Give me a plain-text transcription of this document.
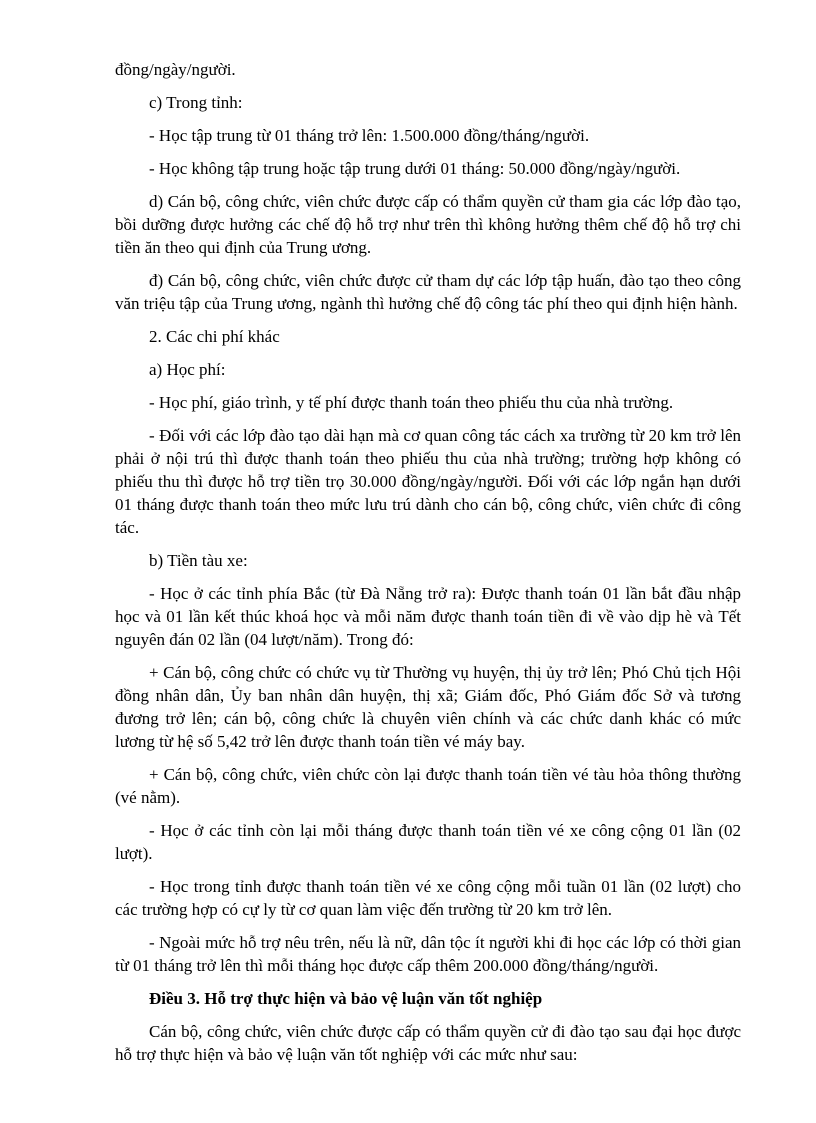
đồng/ngày/người.

c) Trong tỉnh:

- Học tập trung từ 01 tháng trở lên: 1.500.000 đồng/tháng/người.

- Học không tập trung hoặc tập trung dưới 01 tháng: 50.000 đồng/ngày/người.

d) Cán bộ, công chức, viên chức được cấp có thẩm quyền cử tham gia các lớp đào tạo, bồi dưỡng được hưởng các chế độ hỗ trợ như trên thì không hưởng thêm chế độ hỗ trợ chi tiền ăn theo qui định của Trung ương.

đ) Cán bộ, công chức, viên chức được cử tham dự các lớp tập huấn, đào tạo theo công văn triệu tập của Trung ương, ngành thì hưởng chế độ công tác phí theo qui định hiện hành.

2. Các chi phí khác

a) Học phí:

- Học phí, giáo trình, y tế phí được thanh toán theo phiếu thu của nhà trường.

- Đối với các lớp đào tạo dài hạn mà cơ quan công tác cách xa trường từ 20 km trở lên phải ở nội trú thì được thanh toán theo phiếu thu của nhà trường; trường hợp không có phiếu thu thì được hỗ trợ tiền trọ 30.000 đồng/ngày/người. Đối với các lớp ngắn hạn dưới 01 tháng được thanh toán theo mức lưu trú dành cho cán bộ, công chức, viên chức đi công tác.

b) Tiền tàu xe:

- Học ở các tỉnh phía Bắc (từ Đà Nẵng trở ra): Được thanh toán 01 lần bắt đầu nhập học và 01 lần kết thúc khoá học và mỗi năm được thanh toán tiền đi về vào dịp hè và Tết nguyên đán 02 lần (04 lượt/năm). Trong đó:

+ Cán bộ, công chức có chức vụ từ Thường vụ huyện, thị ủy trở lên; Phó Chủ tịch Hội đồng nhân dân, Ủy ban nhân dân huyện, thị xã; Giám đốc, Phó Giám đốc Sở và tương đương trở lên; cán bộ, công chức là chuyên viên chính và các chức danh khác có mức lương từ hệ số 5,42 trở lên được thanh toán tiền vé máy bay.

+ Cán bộ, công chức, viên chức còn lại được thanh toán tiền vé tàu hỏa thông thường (vé nằm).

- Học ở các tỉnh còn lại mỗi tháng được thanh toán tiền vé xe công cộng 01 lần (02 lượt).

- Học trong tỉnh được thanh toán tiền vé xe công cộng mỗi tuần 01 lần (02 lượt) cho các trường hợp có cự ly từ cơ quan làm việc đến trường từ 20 km trở lên.

- Ngoài mức hỗ trợ nêu trên, nếu là nữ, dân tộc ít người khi đi học các lớp có thời gian từ 01 tháng trở lên thì mỗi tháng học được cấp thêm 200.000 đồng/tháng/người.

Điều 3. Hỗ trợ thực hiện và bảo vệ luận văn tốt nghiệp

Cán bộ, công chức, viên chức được cấp có thẩm quyền cử đi đào tạo sau đại học được hỗ trợ thực hiện và bảo vệ luận văn tốt nghiệp với các mức như sau:
